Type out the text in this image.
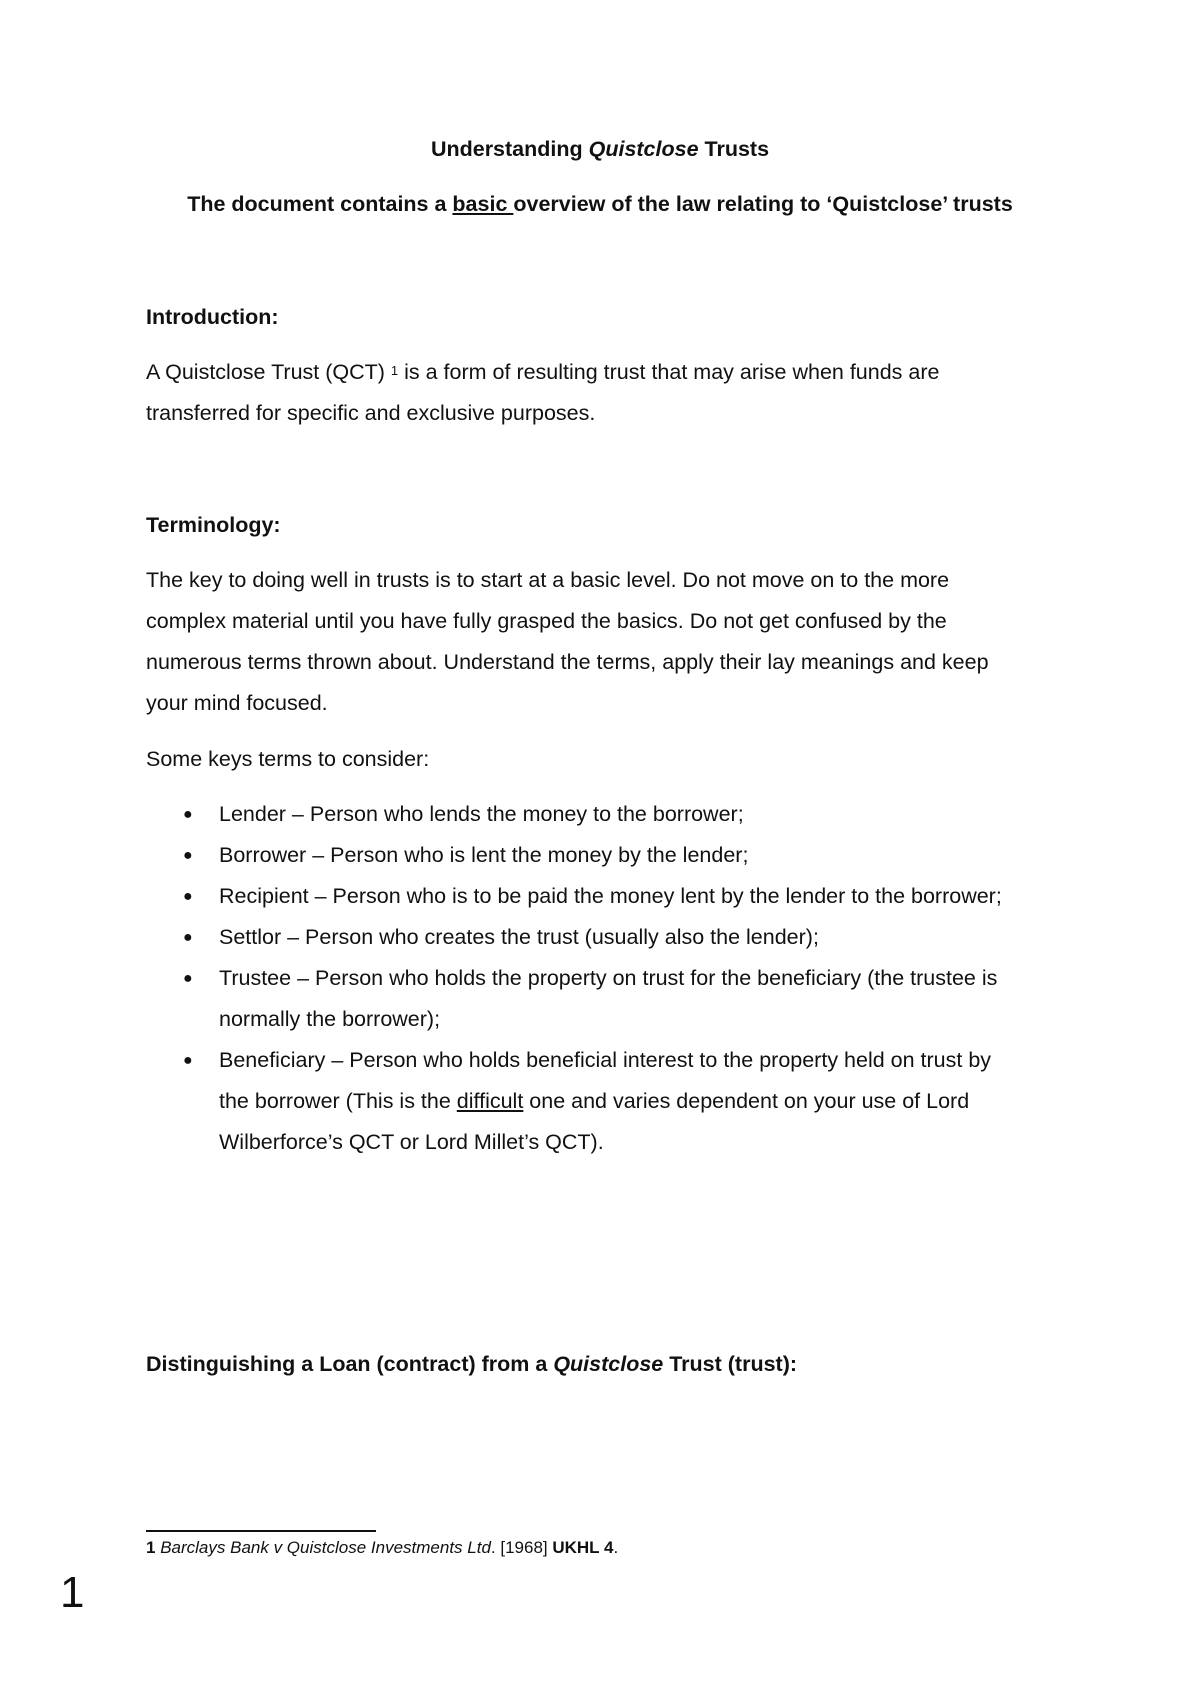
Understanding Quistclose Trusts
The document contains a basic overview of the law relating to ‘Quistclose’ trusts
Introduction:
A Quistclose Trust (QCT) $^1$ is a form of resulting trust that may arise when funds are
transferred for specific and exclusive purposes.
Terminology:
The key to doing well in trusts is to start at a basic level. Do not move on to the more
complex material until you have fully grasped the basics. Do not get confused by the
numerous terms thrown about. Understand the terms, apply their lay meanings and keep
your mind focused.
Some keys terms to consider:
● Lender – Person who lends the money to the borrower;
● Borrower – Person who is lent the money by the lender;
● Recipient – Person who is to be paid the money lent by the lender to the borrower;
● Settlor – Person who creates the trust (usually also the lender);
● Trustee – Person who holds the property on trust for the beneficiary (the trustee is
normally the borrower);
● Beneficiary – Person who holds beneficial interest to the property held on trust by
the borrower (This is the difficult one and varies dependent on your use of Lord
Wilberforce’s QCT or Lord Millet’s QCT).
Distinguishing a Loan (contract) from a Quistclose Trust (trust):
1 Barclays Bank v Quistclose Investments Ltd. [1968] UKHL 4.
1
